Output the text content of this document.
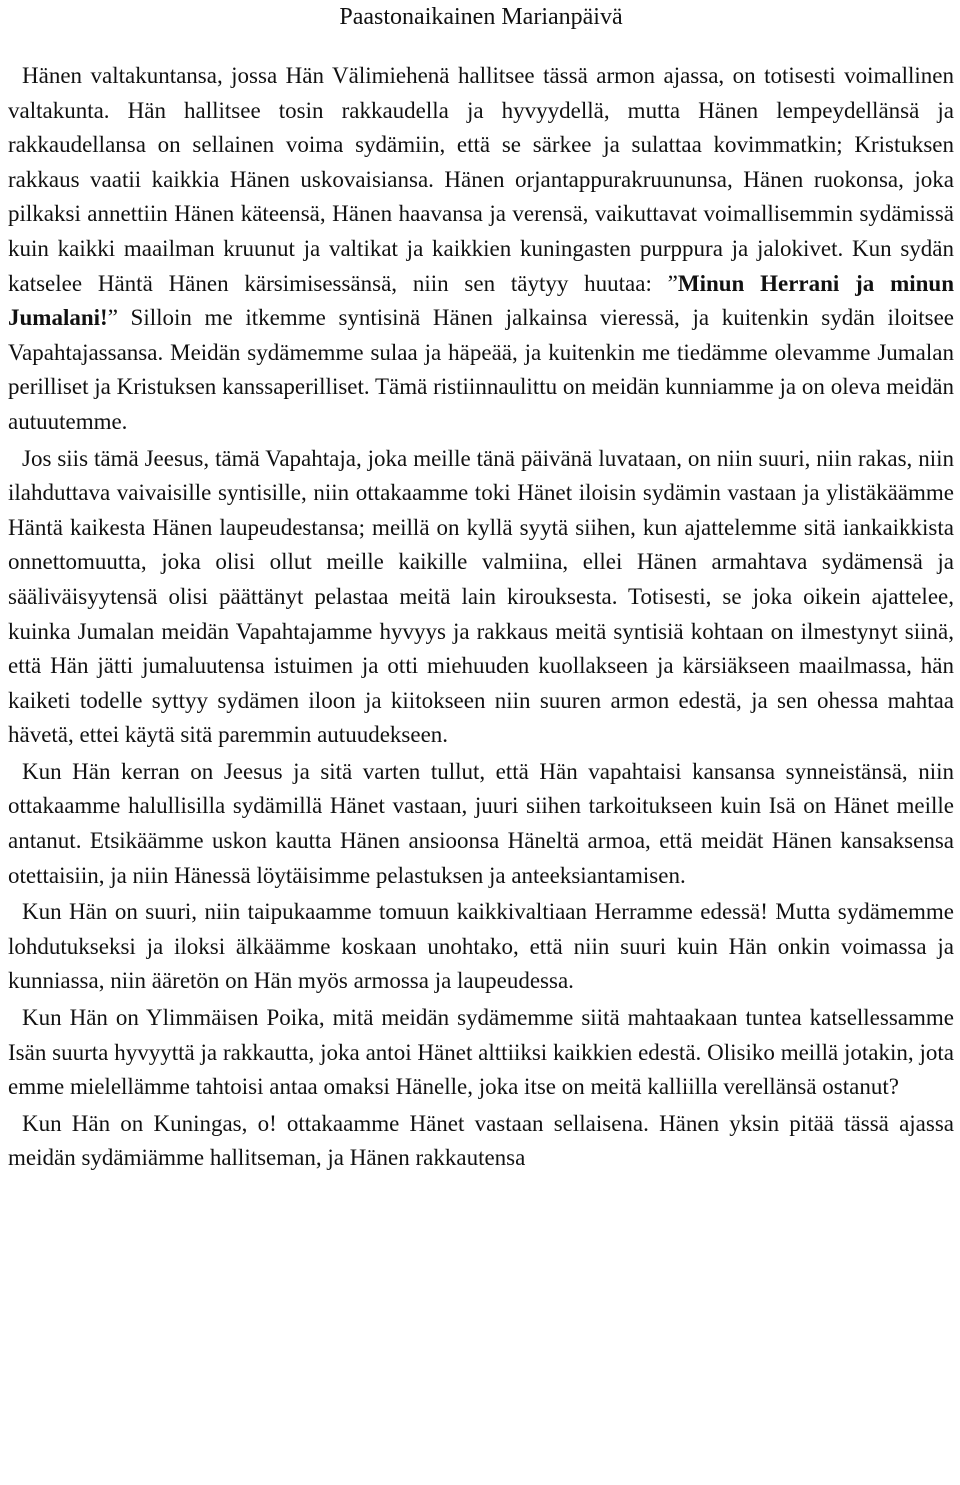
Paastonaikainen Marianpäivä

Hänen valtakuntansa, jossa Hän Välimiehenä hallitsee tässä armon ajassa, on totisesti voimallinen valtakunta. Hän hallitsee tosin rakkaudella ja hyvyydellä, mutta Hänen lempeydellänsä ja rakkaudellansa on sellainen voima sydämiin, että se särkee ja sulattaa kovimmatkin; Kristuksen rakkaus vaatii kaikkia Hänen uskovaisiansa. Hänen orjantappurakruununsa, Hänen ruokonsa, joka pilkaksi annettiin Hänen käteensä, Hänen haavansa ja verensä, vaikuttavat voimallisemmin sydämissä kuin kaikki maailman kruunut ja valtikat ja kaikkien kuningasten purppura ja jalokivet. Kun sydän katselee Häntä Hänen kärsimisessänsä, niin sen täytyy huutaa: ”Minun Herrani ja minun Jumalani!” Silloin me itkemme syntisinä Hänen jalkainsa vieressä, ja kuitenkin sydän iloitsee Vapahtajassansa. Meidän sydämemme sulaa ja häpeää, ja kuitenkin me tiedämme olevamme Jumalan perilliset ja Kristuksen kanssaperilliset. Tämä ristiinnaulittu on meidän kunniamme ja on oleva meidän autuutemme.

Jos siis tämä Jeesus, tämä Vapahtaja, joka meille tänä päivänä luvataan, on niin suuri, niin rakas, niin ilahduttava vaivaisille syntisille, niin ottakaamme toki Hänet iloisin sydämin vastaan ja ylistäkäämme Häntä kaikesta Hänen laupeudestansa; meillä on kyllä syytä siihen, kun ajattelemme sitä iankaikkista onnettomuutta, joka olisi ollut meille kaikille valmiina, ellei Hänen armahtava sydämensä ja sääliväisyytensä olisi päättänyt pelastaa meitä lain kirouksesta. Totisesti, se joka oikein ajattelee, kuinka Jumalan meidän Vapahtajamme hyvyys ja rakkaus meitä syntisiä kohtaan on ilmestynyt siinä, että Hän jätti jumaluutensa istuimen ja otti miehuuden kuollakseen ja kärsiäkseen maailmassa, hän kaiketi todelle syttyy sydämen iloon ja kiitokseen niin suuren armon edestä, ja sen ohessa mahtaa hävetä, ettei käytä sitä paremmin autuudekseen.

Kun Hän kerran on Jeesus ja sitä varten tullut, että Hän vapahtaisi kansansa synneistänsä, niin ottakaamme halullisilla sydämillä Hänet vastaan, juuri siihen tarkoitukseen kuin Isä on Hänet meille antanut. Etsikäämme uskon kautta Hänen ansioonsa Häneltä armoa, että meidät Hänen kansaksensa otettaisiin, ja niin Hänessä löytäisimme pelastuksen ja anteeksiantamisen.

Kun Hän on suuri, niin taipukaamme tomuun kaikkivaltiaan Herramme edessä! Mutta sydämemme lohdutukseksi ja iloksi älkäämme koskaan unohtako, että niin suuri kuin Hän onkin voimassa ja kunniassa, niin ääretön on Hän myös armossa ja laupeudessa.

Kun Hän on Ylimmäisen Poika, mitä meidän sydämemme siitä mahtaakaan tuntea katsellessamme Isän suurta hyvyyttä ja rakkautta, joka antoi Hänet alttiiksi kaikkien edestä. Olisiko meillä jotakin, jota emme mielellämme tahtoisi antaa omaksi Hänelle, joka itse on meitä kalliilla verellänsä ostanut?

Kun Hän on Kuningas, o! ottakaamme Hänet vastaan sellaisena. Hänen yksin pitää tässä ajassa meidän sydämiämme hallitseman, ja Hänen rakkautensa
